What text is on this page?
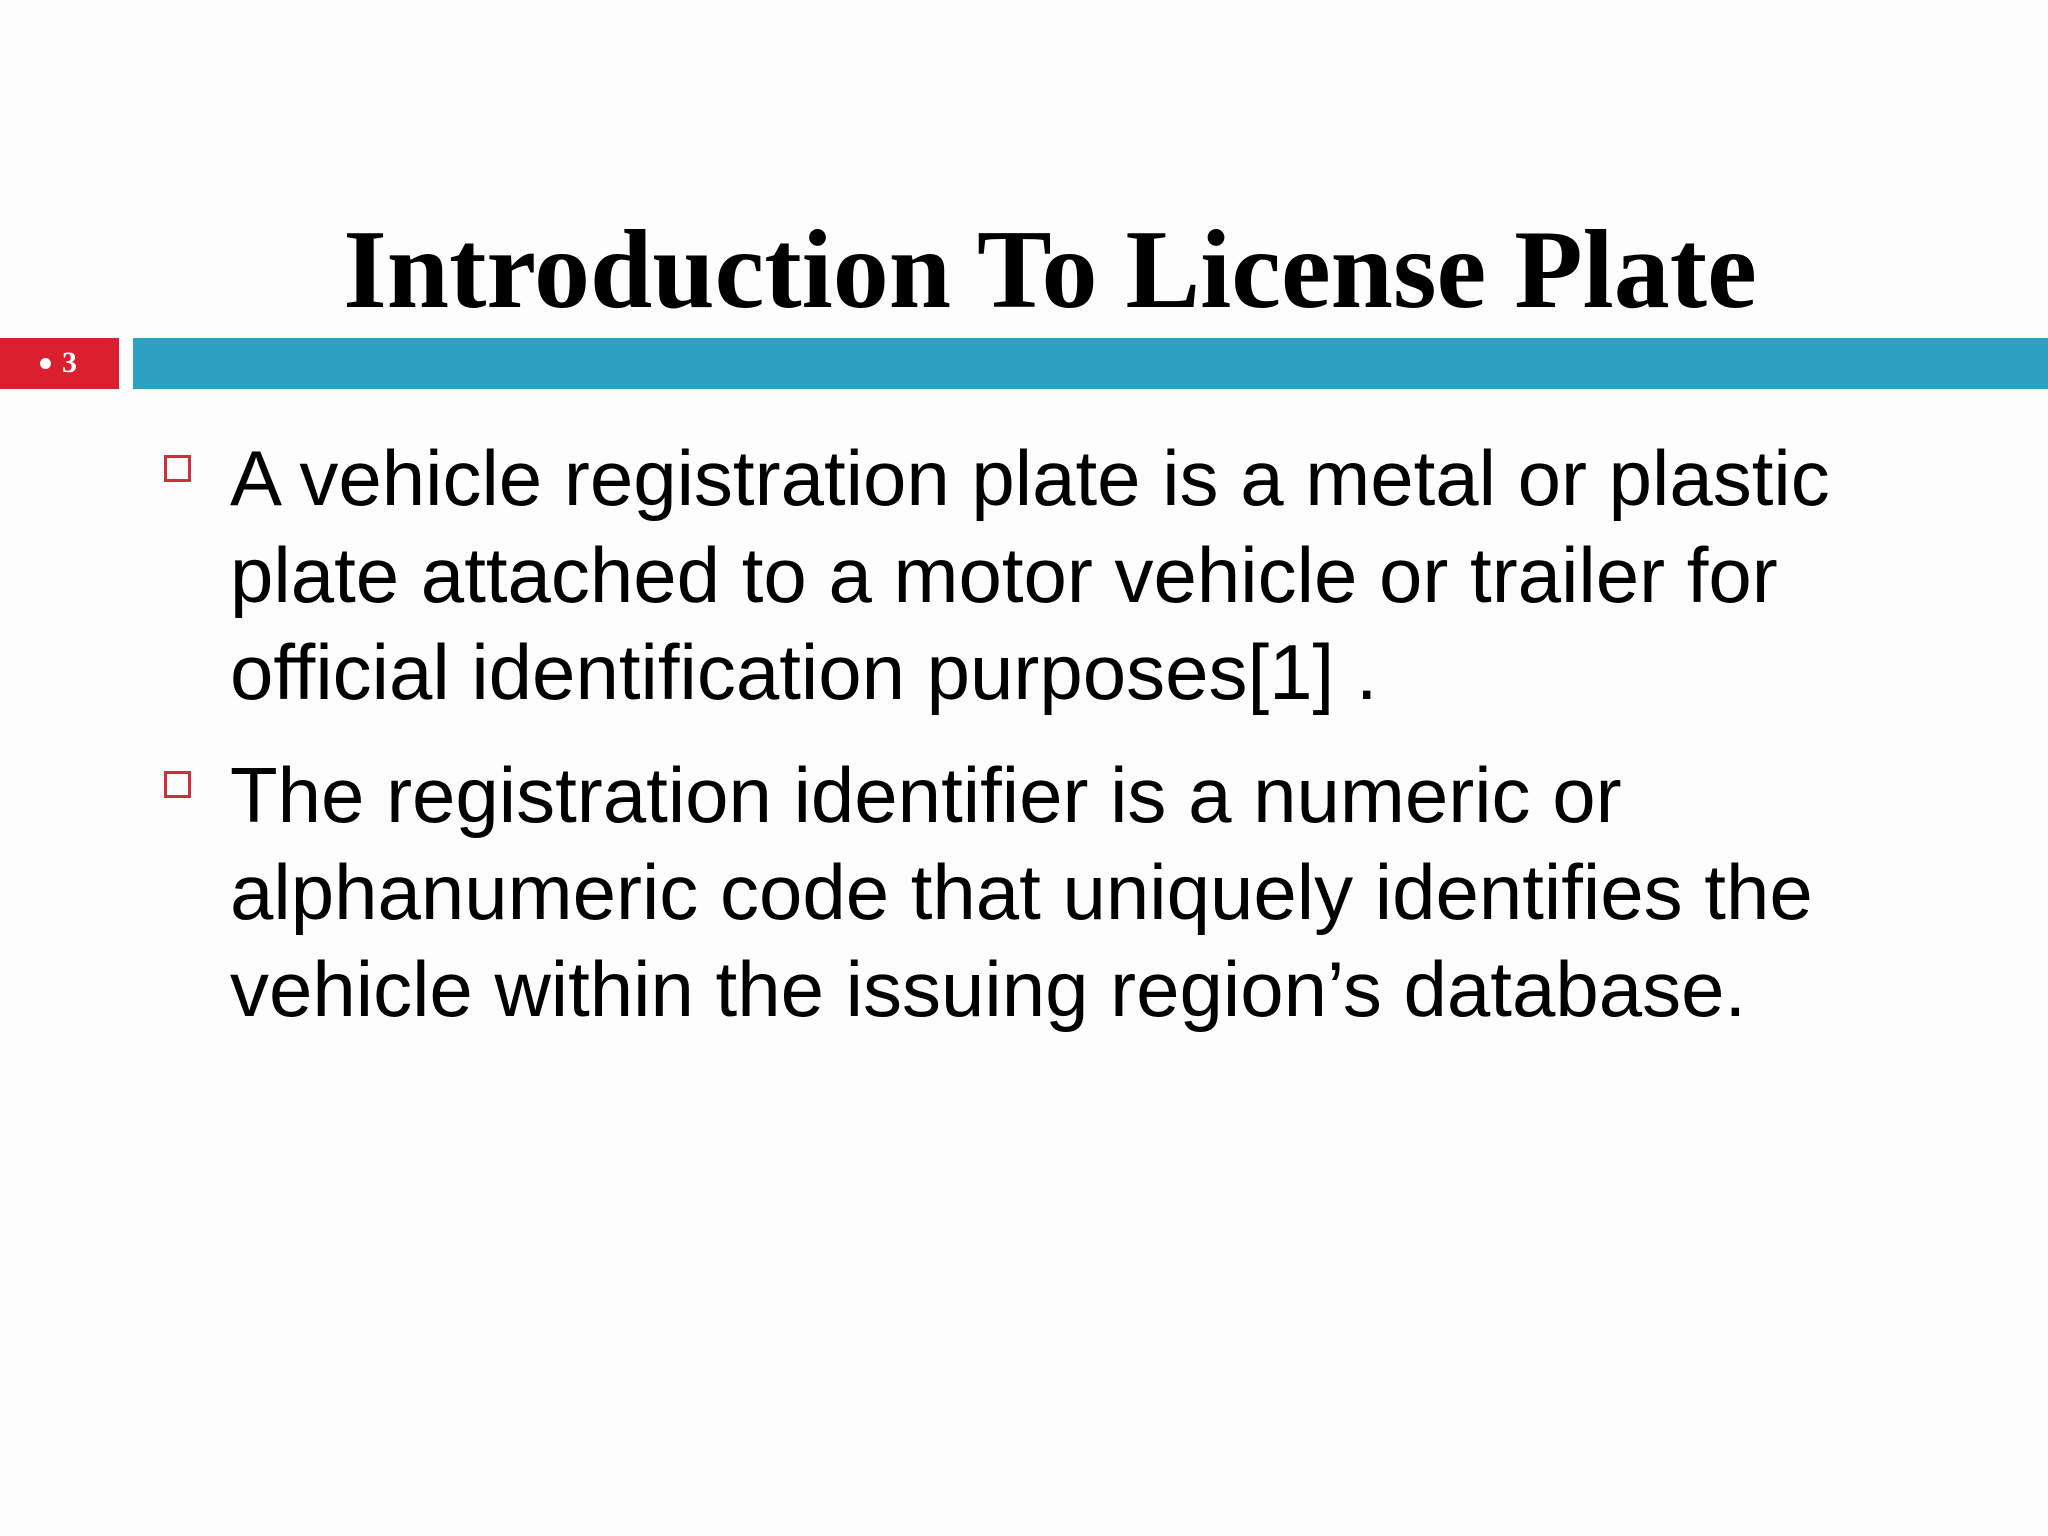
Introduction To License Plate
3
A vehicle registration plate is a metal or plastic
plate attached to a motor vehicle or trailer for
official identification purposes[1] .
The registration identifier is a numeric or
alphanumeric code that uniquely identifies the
vehicle within the issuing region’s database.
